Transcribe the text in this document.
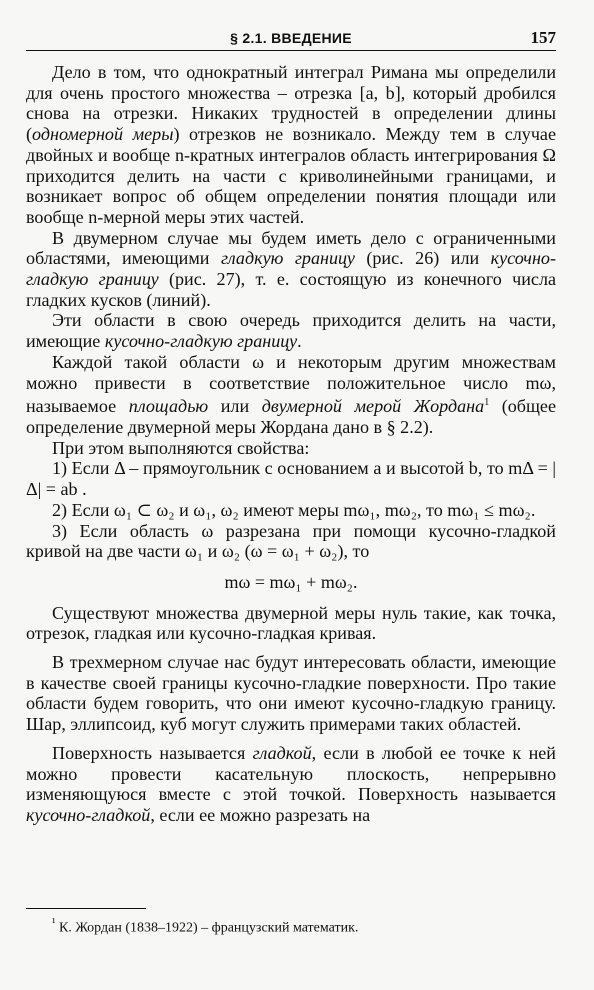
§ 2.1. ВВЕДЕНИЕ	157

Дело в том, что однократный интеграл Римана мы определили для очень простого множества – отрезка [a, b], который дробился снова на отрезки. Никаких трудностей в определении длины (одномерной меры) отрезков не возникало. Между тем в случае двойных и вообще n-кратных интегралов область интегрирования Ω приходится делить на части с криволинейными границами, и возникает вопрос об общем определении понятия площади или вообще n-мерной меры этих частей.

В двумерном случае мы будем иметь дело с ограниченными областями, имеющими гладкую границу (рис. 26) или кусочно-гладкую границу (рис. 27), т. е. состоящую из конечного числа гладких кусков (линий).

Эти области в свою очередь приходится делить на части, имеющие кусочно-гладкую границу.

Каждой такой области ω и некоторым другим множествам можно привести в соответствие положительное число mω, называемое площадью или двумерной мерой Жордана$^1$ (общее определение двумерной меры Жордана дано в § 2.2).

При этом выполняются свойства:

1) Если Δ – прямоугольник с основанием a и высотой b, то mΔ = |Δ| = ab .

2) Если ω₁ ⊂ ω₂ и ω₁, ω₂ имеют меры mω₁, mω₂, то mω₁ ≤ mω₂.

3) Если область ω разрезана при помощи кусочно-гладкой кривой на две части ω₁ и ω₂ (ω = ω₁ + ω₂), то

mω = mω₁ + mω₂.

Существуют множества двумерной меры нуль такие, как точка, отрезок, гладкая или кусочно-гладкая кривая.

В трехмерном случае нас будут интересовать области, имеющие в качестве своей границы кусочно-гладкие поверхности. Про такие области будем говорить, что они имеют кусочно-гладкую границу. Шар, эллипсоид, куб могут служить примерами таких областей.

Поверхность называется гладкой, если в любой ее точке к ней можно провести касательную плоскость, непрерывно изменяющуюся вместе с этой точкой. Поверхность называется кусочно-гладкой, если ее можно разрезать на

$^{^1}$ К. Жордан (1838–1922) – французский математик.
